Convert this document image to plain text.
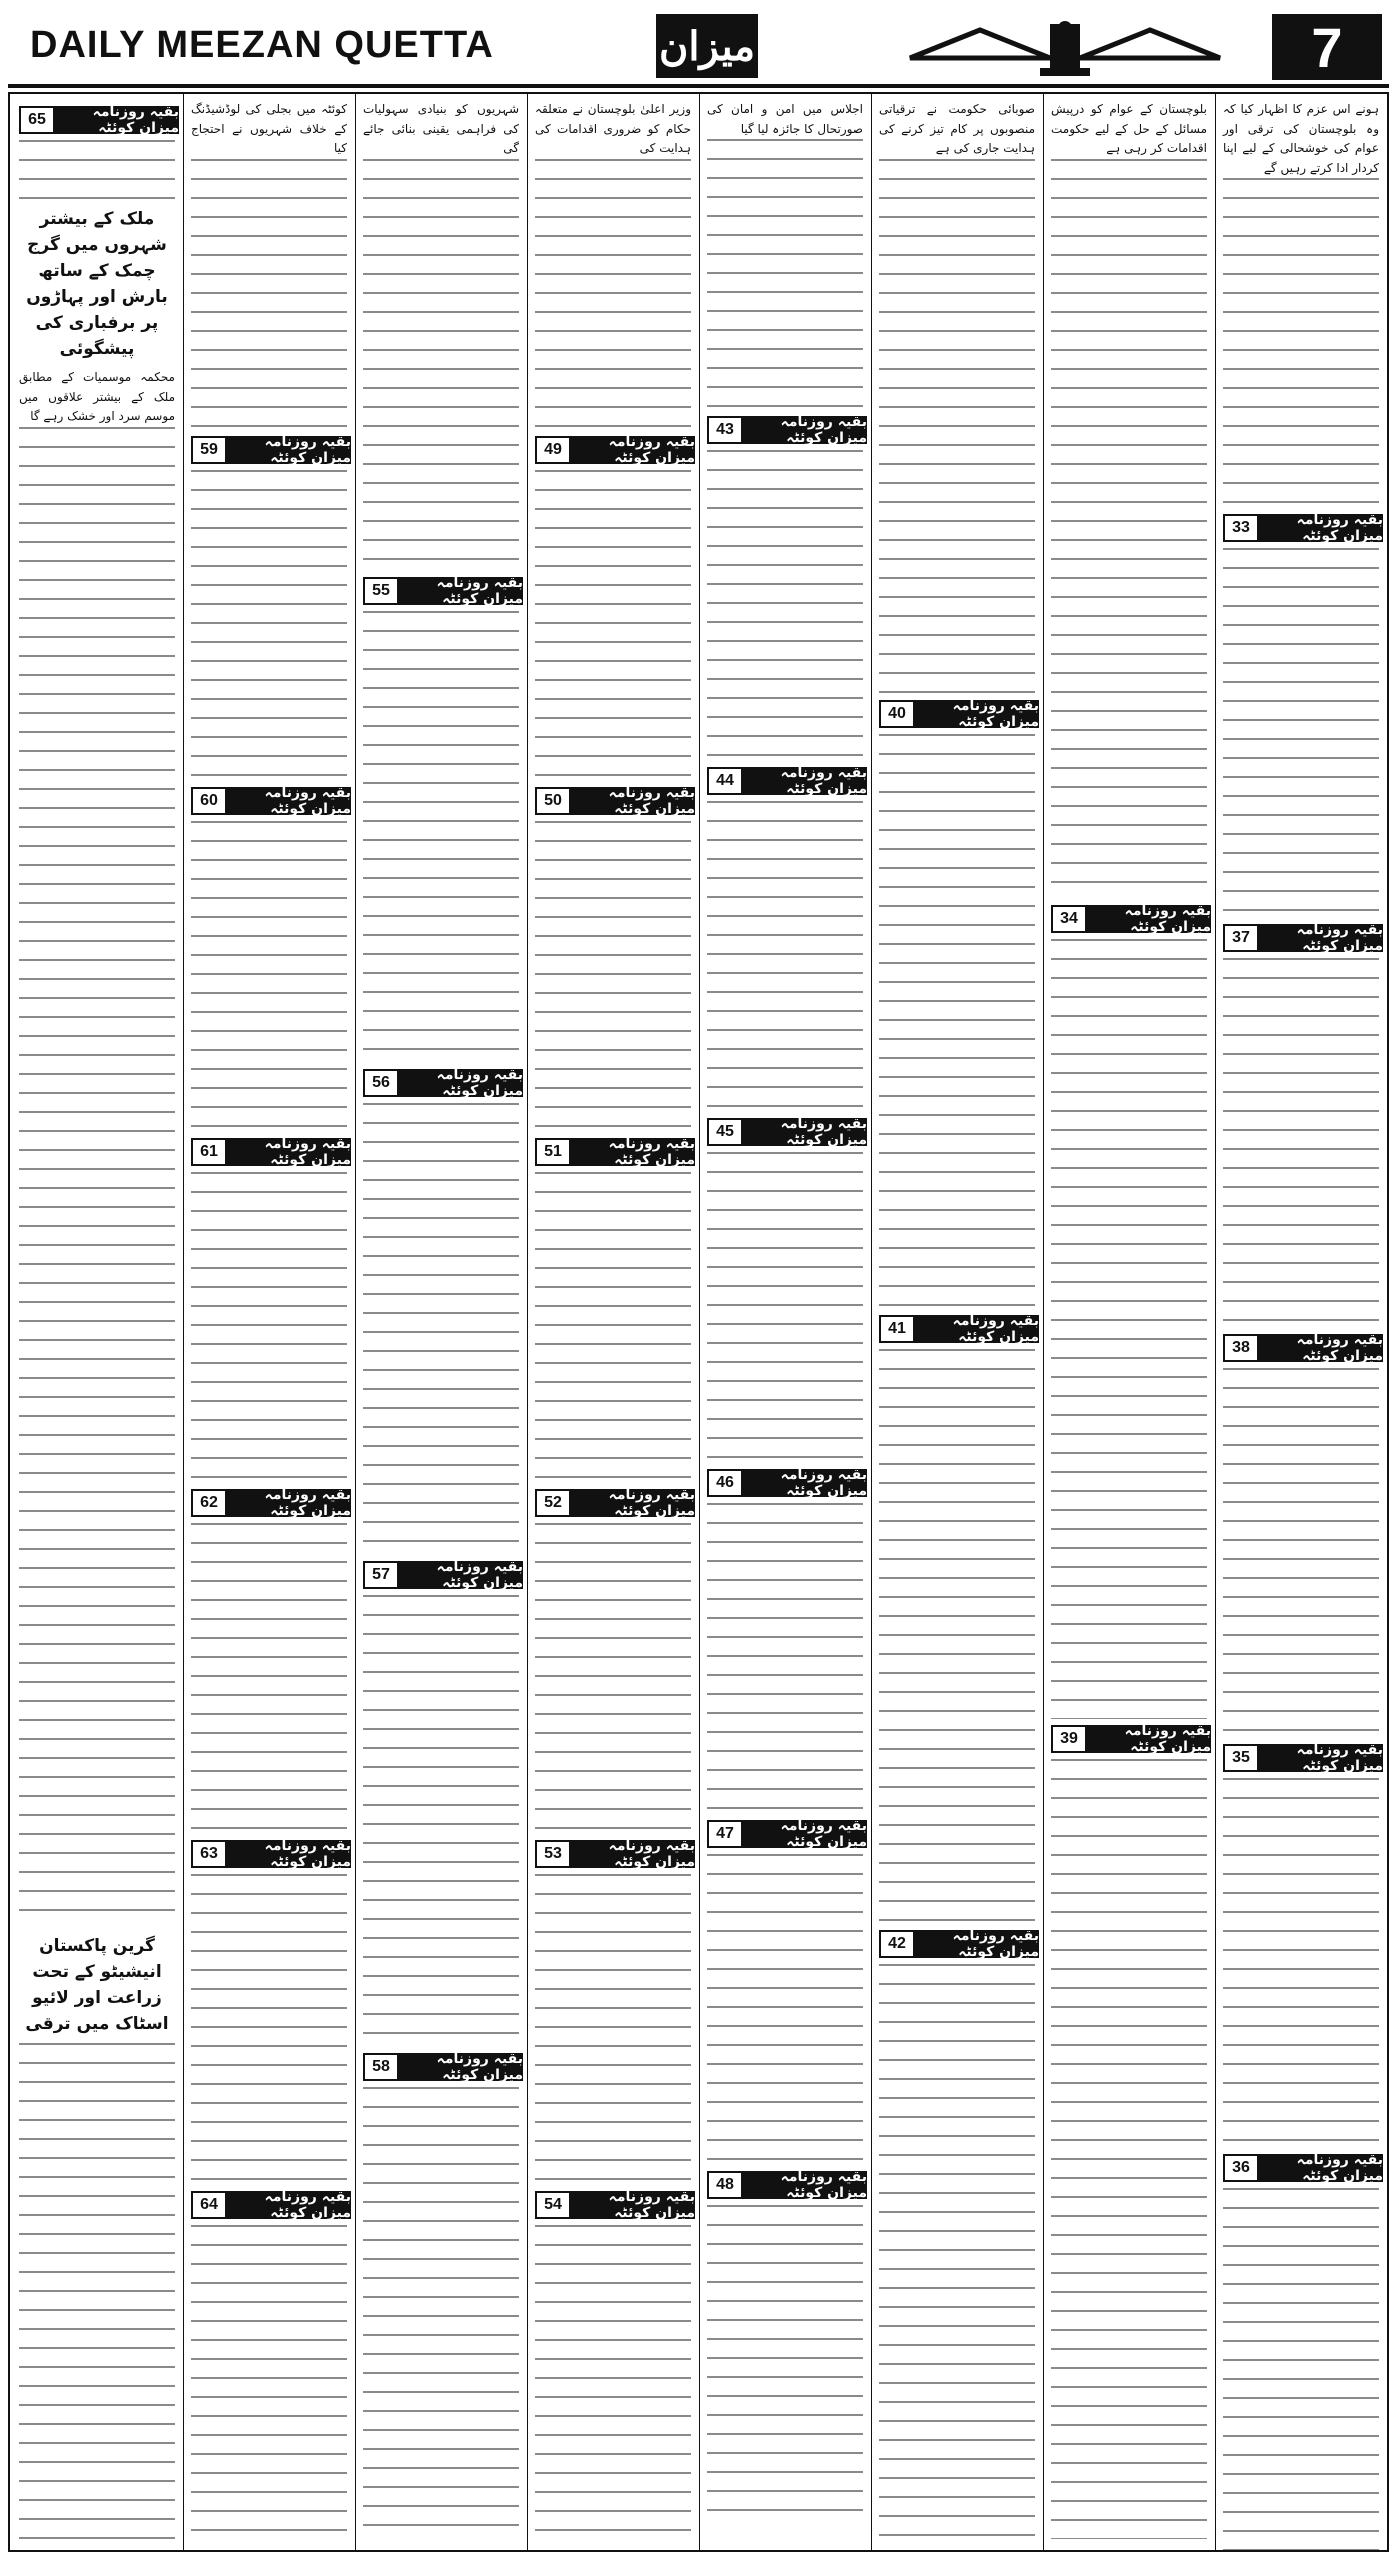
DAILY MEEZAN QUETTA	میزان	7

ہونے اس عزم کا اظہار کیا کہ وہ بلوچستان کی ترقی اور عوام کی خوشحالی کے لیے اپنا کردار ادا کرتے رہیں گے

33	بقیہ روزنامہ میزان کوئٹہ
37	بقیہ روزنامہ میزان کوئٹہ
38	بقیہ روزنامہ میزان کوئٹہ
35	بقیہ روزنامہ میزان کوئٹہ
36	بقیہ روزنامہ میزان کوئٹہ

بلوچستان کے عوام کو درپیش مسائل کے حل کے لیے حکومت اقدامات کر رہی ہے

34	بقیہ روزنامہ میزان کوئٹہ
39	بقیہ روزنامہ میزان کوئٹہ

صوبائی حکومت نے ترقیاتی منصوبوں پر کام تیز کرنے کی ہدایت جاری کی ہے

40	بقیہ روزنامہ میزان کوئٹہ
41	بقیہ روزنامہ میزان کوئٹہ
42	بقیہ روزنامہ میزان کوئٹہ

اجلاس میں امن و امان کی صورتحال کا جائزہ لیا گیا

43	بقیہ روزنامہ میزان کوئٹہ
44	بقیہ روزنامہ میزان کوئٹہ
45	بقیہ روزنامہ میزان کوئٹہ
46	بقیہ روزنامہ میزان کوئٹہ
47	بقیہ روزنامہ میزان کوئٹہ
48	بقیہ روزنامہ میزان کوئٹہ

وزیر اعلیٰ بلوچستان نے متعلقہ حکام کو ضروری اقدامات کی ہدایت کی

49	بقیہ روزنامہ میزان کوئٹہ
50	بقیہ روزنامہ میزان کوئٹہ
51	بقیہ روزنامہ میزان کوئٹہ
52	بقیہ روزنامہ میزان کوئٹہ
53	بقیہ روزنامہ میزان کوئٹہ
54	بقیہ روزنامہ میزان کوئٹہ

شہریوں کو بنیادی سہولیات کی فراہمی یقینی بنائی جائے گی

55	بقیہ روزنامہ میزان کوئٹہ
56	بقیہ روزنامہ میزان کوئٹہ
57	بقیہ روزنامہ میزان کوئٹہ
58	بقیہ روزنامہ میزان کوئٹہ

کوئٹہ میں بجلی کی لوڈشیڈنگ کے خلاف شہریوں نے احتجاج کیا

59	بقیہ روزنامہ میزان کوئٹہ
60	بقیہ روزنامہ میزان کوئٹہ
61	بقیہ روزنامہ میزان کوئٹہ
62	بقیہ روزنامہ میزان کوئٹہ
63	بقیہ روزنامہ میزان کوئٹہ
64	بقیہ روزنامہ میزان کوئٹہ
65	بقیہ روزنامہ میزان کوئٹہ
ملک کے بیشتر شہروں میں گرج چمک کے ساتھ بارش اور پہاڑوں پر برفباری کی پیشگوئی

محکمہ موسمیات کے مطابق ملک کے بیشتر علاقوں میں موسم سرد اور خشک رہے گا

گرین پاکستان انیشیٹو کے تحت زراعت اور لائیو اسٹاک میں ترقی
